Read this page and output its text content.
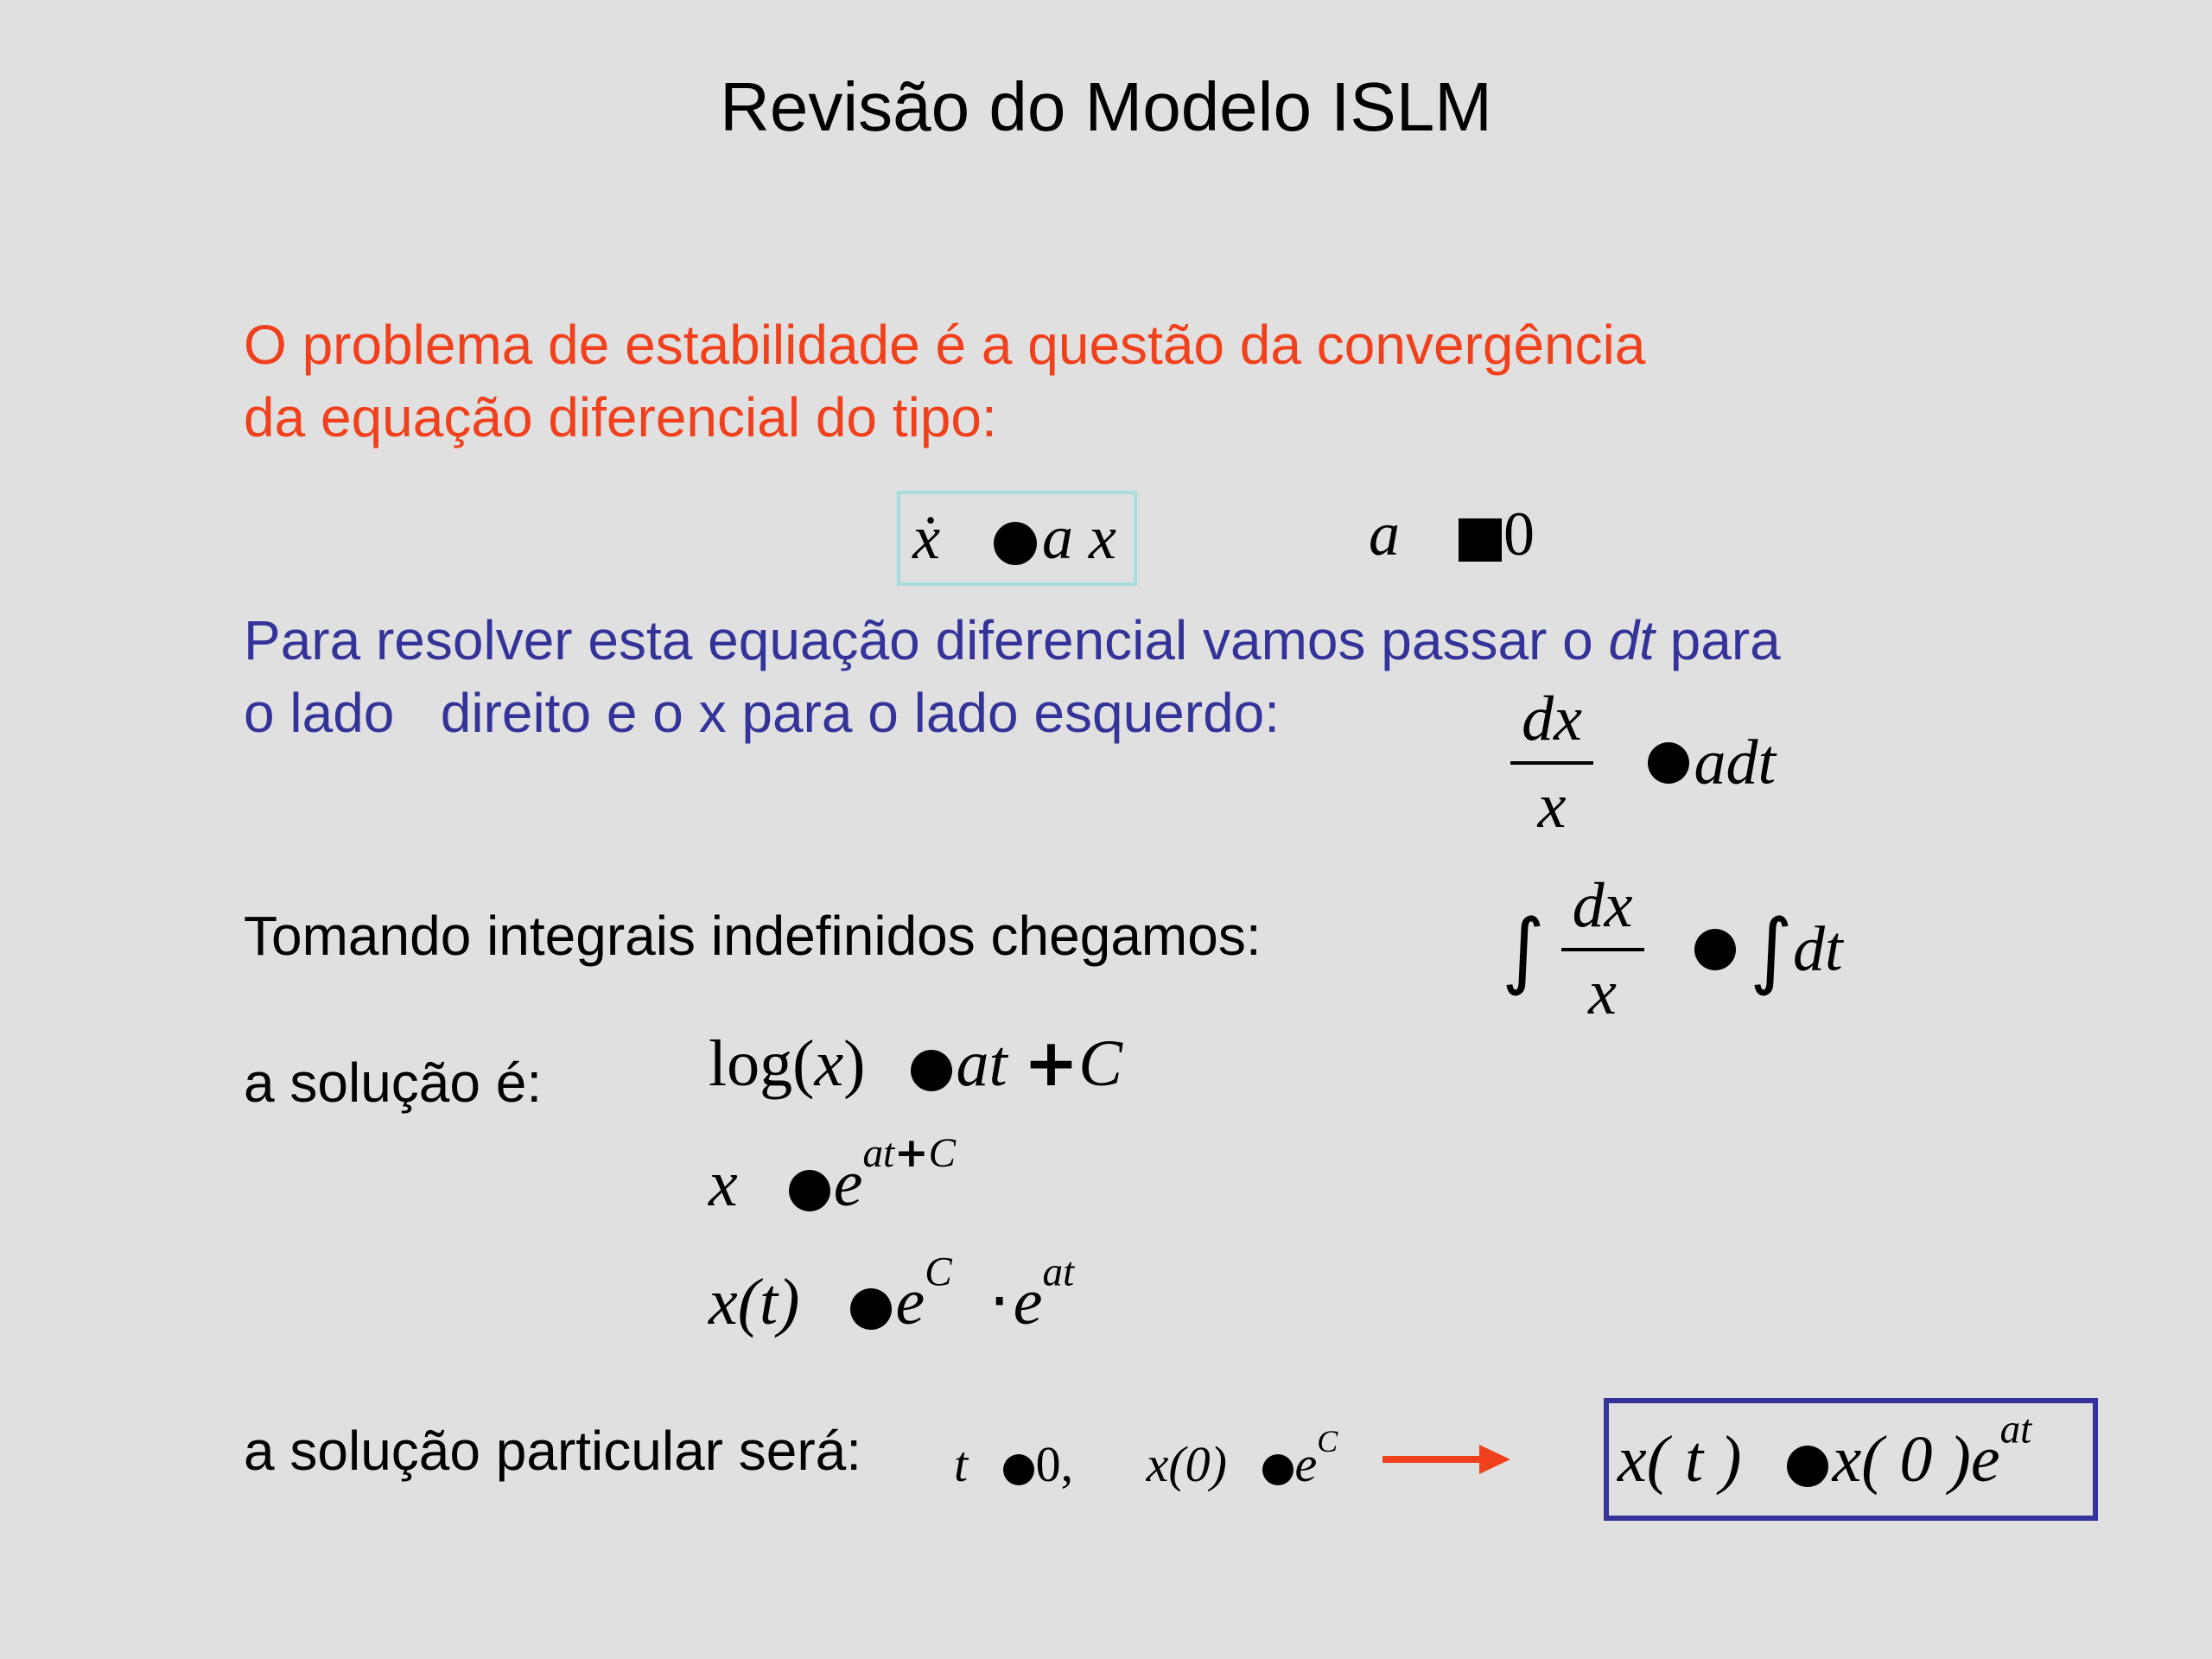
Revisão do Modelo ISLM
O problema de estabilidade é a questão da convergência
da equação diferencial do tipo:
ẋ a x	a 0
Para resolver esta equação diferencial vamos passar o dt para
o lado   direito e o x para o lado esquerdo:	$\frac{dx}{x}$ adt
Tomando integrais indefinidos chegamos:	∫ $\frac{dx}{x} \int dt$
a solução é:	log(x) at +C
x $e^{at+C}$
x(t) $e^C \cdot e^{at}$
a solução particular será: t 0, x(0) $e^C$	x( t ) x( 0 )$e^{at}$
